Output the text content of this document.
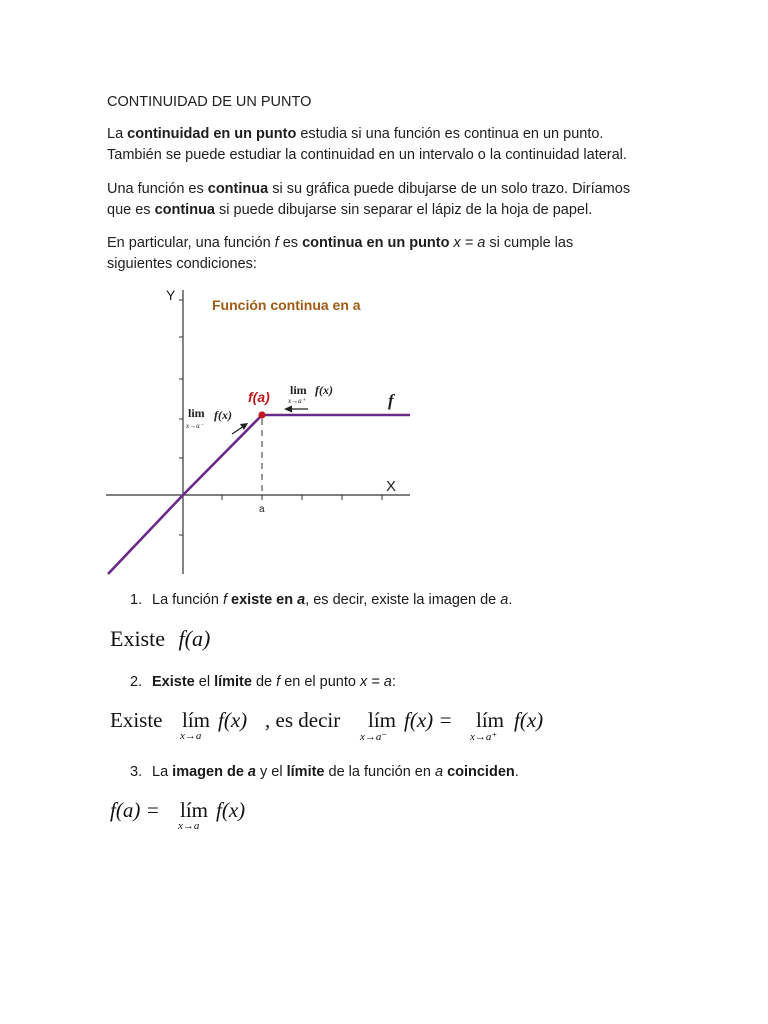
CONTINUIDAD DE UN PUNTO
La continuidad en un punto estudia si una función es continua en un punto.
También se puede estudiar la continuidad en un intervalo o la continuidad lateral.
Una función es continua si su gráfica puede dibujarse de un solo trazo. Diríamos
que es continua si puede dibujarse sin separar el lápiz de la hoja de papel.
En particular, una función f es continua en un punto x = a si cumple las
siguientes condiciones:
Función continua en a
Y
X
f(a)	f
a
lim f(x)
x→a⁺
lim f(x)
x→a⁻
1. La función f existe en a, es decir, existe la imagen de a.
Existe f(a)
2. Existe el límite de f en el punto x = a:
Existe lím
x→a
f(x) , es decir lím
x→a⁻
f(x) = lím
x→a⁺
f(x)
3. La imagen de a y el límite de la función en a coinciden.
f(a) = lím
x→a
f(x)
